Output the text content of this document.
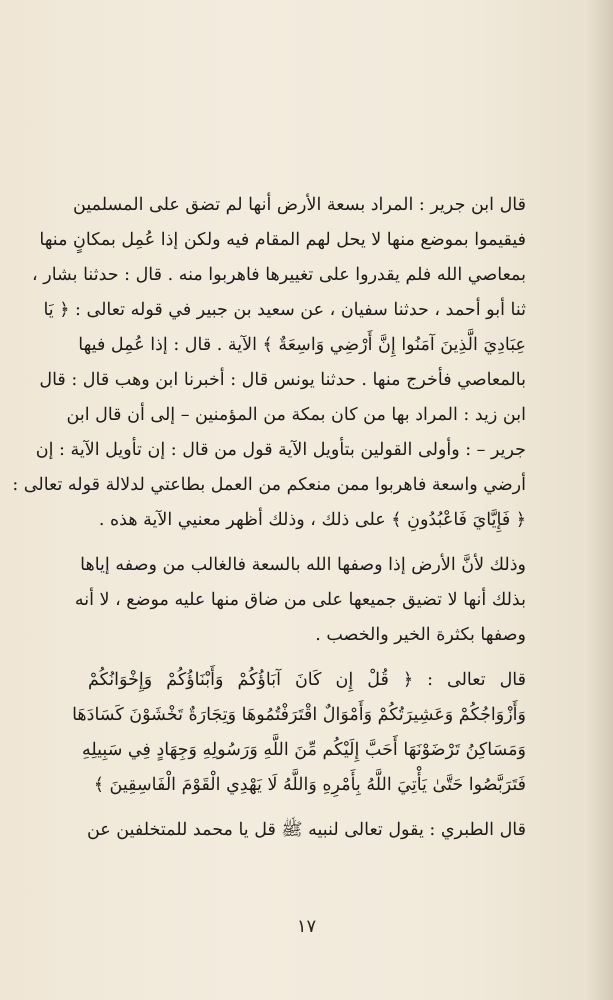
قال ابن جرير : المراد بسعة الأرض أنها لم تضق على المسلمين
فيقيموا بموضع منها لا يحل لهم المقام فيه ولكن إذا عُمِل بمكانٍ منها
بمعاصي الله فلم يقدروا على تغييرها فاهربوا منه . قال : حدثنا بشار ،
ثنا أبو أحمد ، حدثنا سفيان ، عن سعيد بن جبير في قوله تعالى : ﴿ يَا
عِبَادِيَ الَّذِينَ آمَنُوا إِنَّ أَرْضِي وَاسِعَةٌ ﴾ الآية . قال : إذا عُمِل فيها
بالمعاصي فأخرج منها . حدثنا يونس قال : أخبرنا ابن وهب قال : قال
ابن زيد : المراد بها من كان بمكة من المؤمنين – إلى أن قال ابن
جرير – : وأولى القولين بتأويل الآية قول من قال : إن تأويل الآية : إن
أرضي واسعة فاهربوا ممن منعكم من العمل بطاعتي لدلالة قوله تعالى :
﴿ فَإِيَّايَ فَاعْبُدُونِ ﴾ على ذلك ، وذلك أظهر معنيي الآية هذه .
وذلك لأنَّ الأرض إذا وصفها الله بالسعة فالغالب من وصفه إياها
بذلك أنها لا تضيق جميعها على من ضاق منها عليه موضع ، لا أنه
وصفها بكثرة الخير والخصب .
قال تعالى : ﴿ قُلْ إِن كَانَ آبَاؤُكُمْ وَأَبْنَاؤُكُمْ وَإِخْوَانُكُمْ
وَأَزْوَاجُكُمْ وَعَشِيرَتُكُمْ وَأَمْوَالٌ اقْتَرَفْتُمُوهَا وَتِجَارَةٌ تَخْشَوْنَ كَسَادَهَا
وَمَسَاكِنُ تَرْضَوْنَهَا أَحَبَّ إِلَيْكُم مِّنَ اللَّهِ وَرَسُولِهِ وَجِهَادٍ فِي سَبِيلِهِ
فَتَرَبَّصُوا حَتَّىٰ يَأْتِيَ اللَّهُ بِأَمْرِهِ وَاللَّهُ لَا يَهْدِي الْقَوْمَ الْفَاسِقِينَ ﴾
قال الطبري : يقول تعالى لنبيه ﷺ قل يا محمد للمتخلفين عن
١٧
